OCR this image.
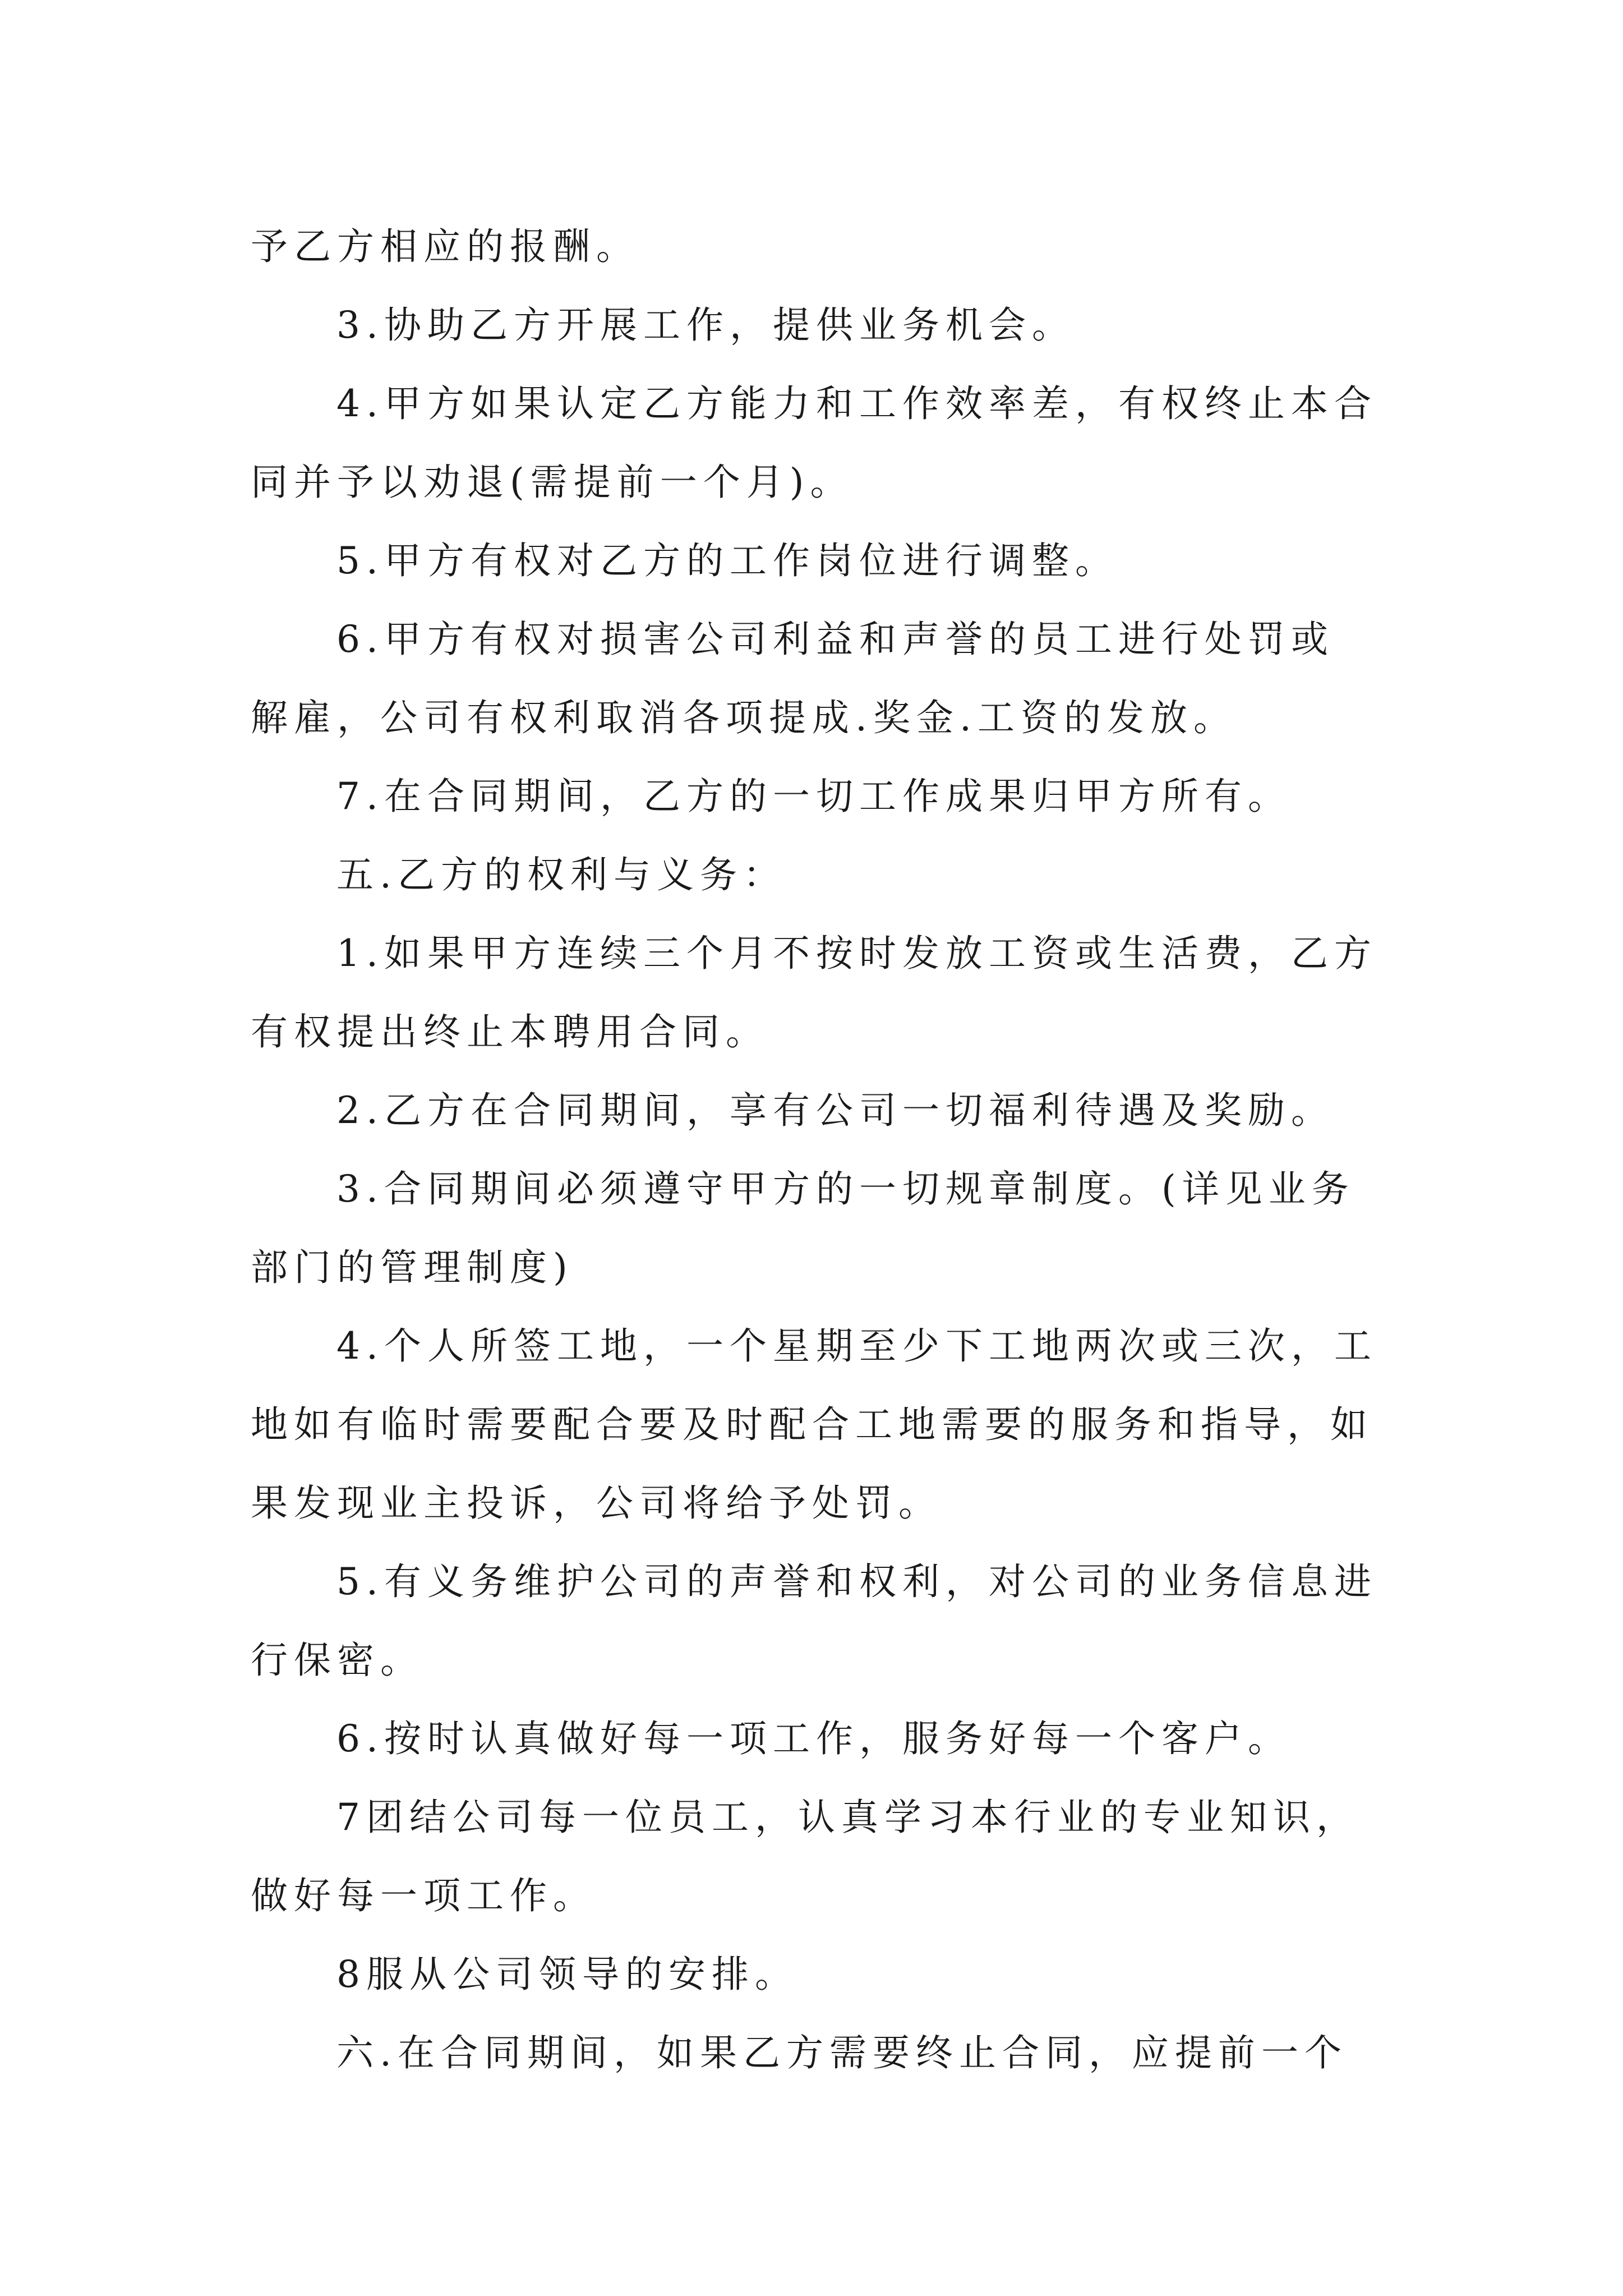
予乙方相应的报酬。

3.协助乙方开展工作，提供业务机会。

4.甲方如果认定乙方能力和工作效率差，有权终止本合

同并予以劝退(需提前一个月)。

5.甲方有权对乙方的工作岗位进行调整。

6.甲方有权对损害公司利益和声誉的员工进行处罚或

解雇，公司有权利取消各项提成.奖金.工资的发放。

7.在合同期间，乙方的一切工作成果归甲方所有。

五.乙方的权利与义务：

1.如果甲方连续三个月不按时发放工资或生活费，乙方

有权提出终止本聘用合同。

2.乙方在合同期间，享有公司一切福利待遇及奖励。

3.合同期间必须遵守甲方的一切规章制度。(详见业务

部门的管理制度)

4.个人所签工地，一个星期至少下工地两次或三次，工

地如有临时需要配合要及时配合工地需要的服务和指导，如

果发现业主投诉，公司将给予处罚。

5.有义务维护公司的声誉和权利，对公司的业务信息进

行保密。

6.按时认真做好每一项工作，服务好每一个客户。

7团结公司每一位员工，认真学习本行业的专业知识，

做好每一项工作。

8服从公司领导的安排。

六.在合同期间，如果乙方需要终止合同，应提前一个
